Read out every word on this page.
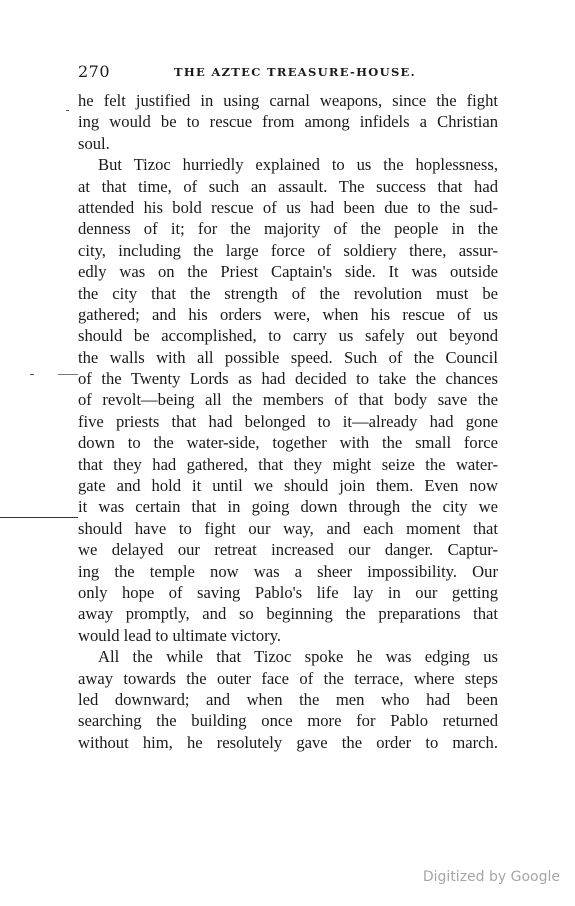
270	THE AZTEC TREASURE-HOUSE.
he felt justified in using carnal weapons, since the fight
ing would be to rescue from among infidels a Christian
soul.
But Tizoc hurriedly explained to us the hoplessness,
at that time, of such an assault. The success that had
attended his bold rescue of us had been due to the sud-
denness of it; for the majority of the people in the
city, including the large force of soldiery there, assur-
edly was on the Priest Captain's side. It was outside
the city that the strength of the revolution must be
gathered; and his orders were, when his rescue of us
should be accomplished, to carry us safely out beyond
the walls with all possible speed. Such of the Council
of the Twenty Lords as had decided to take the chances
of revolt—being all the members of that body save the
five priests that had belonged to it—already had gone
down to the water-side, together with the small force
that they had gathered, that they might seize the water-
gate and hold it until we should join them. Even now
it was certain that in going down through the city we
should have to fight our way, and each moment that
we delayed our retreat increased our danger. Captur-
ing the temple now was a sheer impossibility. Our
only hope of saving Pablo's life lay in our getting
away promptly, and so beginning the preparations that
would lead to ultimate victory.
All the while that Tizoc spoke he was edging us
away towards the outer face of the terrace, where steps
led downward; and when the men who had been
searching the building once more for Pablo returned
without him, he resolutely gave the order to march.
Digitized by Google
